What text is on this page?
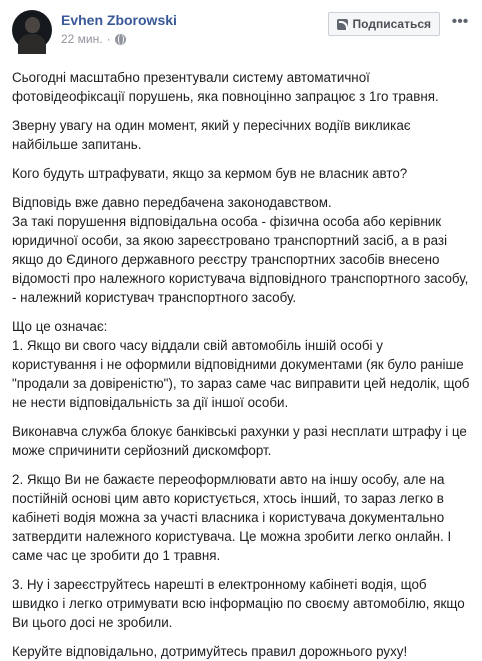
Evhen Zborowski
22 мин. ·
Подписаться •••

Сьогодні масштабно презентували систему автоматичної фотовідеофіксації порушень, яка повноцінно запрацює з 1го травня.

Зверну увагу на один момент, який у пересічних водіїв викликає найбільше запитань.

Кого будуть штрафувати, якщо за кермом був не власник авто?

Відповідь вже давно передбачена законодавством.
За такі порушення відповідальна особа - фізична особа або керівник юридичної особи, за якою зареєстровано транспортний засіб, а в разі якщо до Єдиного державного реєстру транспортних засобів внесено відомості про належного користувача відповідного транспортного засобу, - належний користувач транспортного засобу.

Що це означає:
1. Якщо ви свого часу віддали свій автомобіль іншій особі у користування і не оформили відповідними документами (як було раніше "продали за довіреністю"), то зараз саме час виправити цей недолік, щоб не нести відповідальність за дії іншої особи.

Виконавча служба блокує банківські рахунки у разі несплати штрафу і це може спричинити серйозний дискомфорт.

2. Якщо Ви не бажаєте переоформлювати авто на іншу особу, але на постійній основі цим авто користується, хтось інший, то зараз легко в кабінеті водія можна за участі власника і користувача документально затвердити належного користувача. Це можна зробити легко онлайн. І саме час це зробити до 1 травня.

3. Ну і зареєструйтесь нарешті в електронному кабінеті водія, щоб швидко і легко отримувати всю інформацію по своєму автомобілю, якщо Ви цього досі не зробили.

Керуйте відповідально, дотримуйтесь правил дорожнього руху!
